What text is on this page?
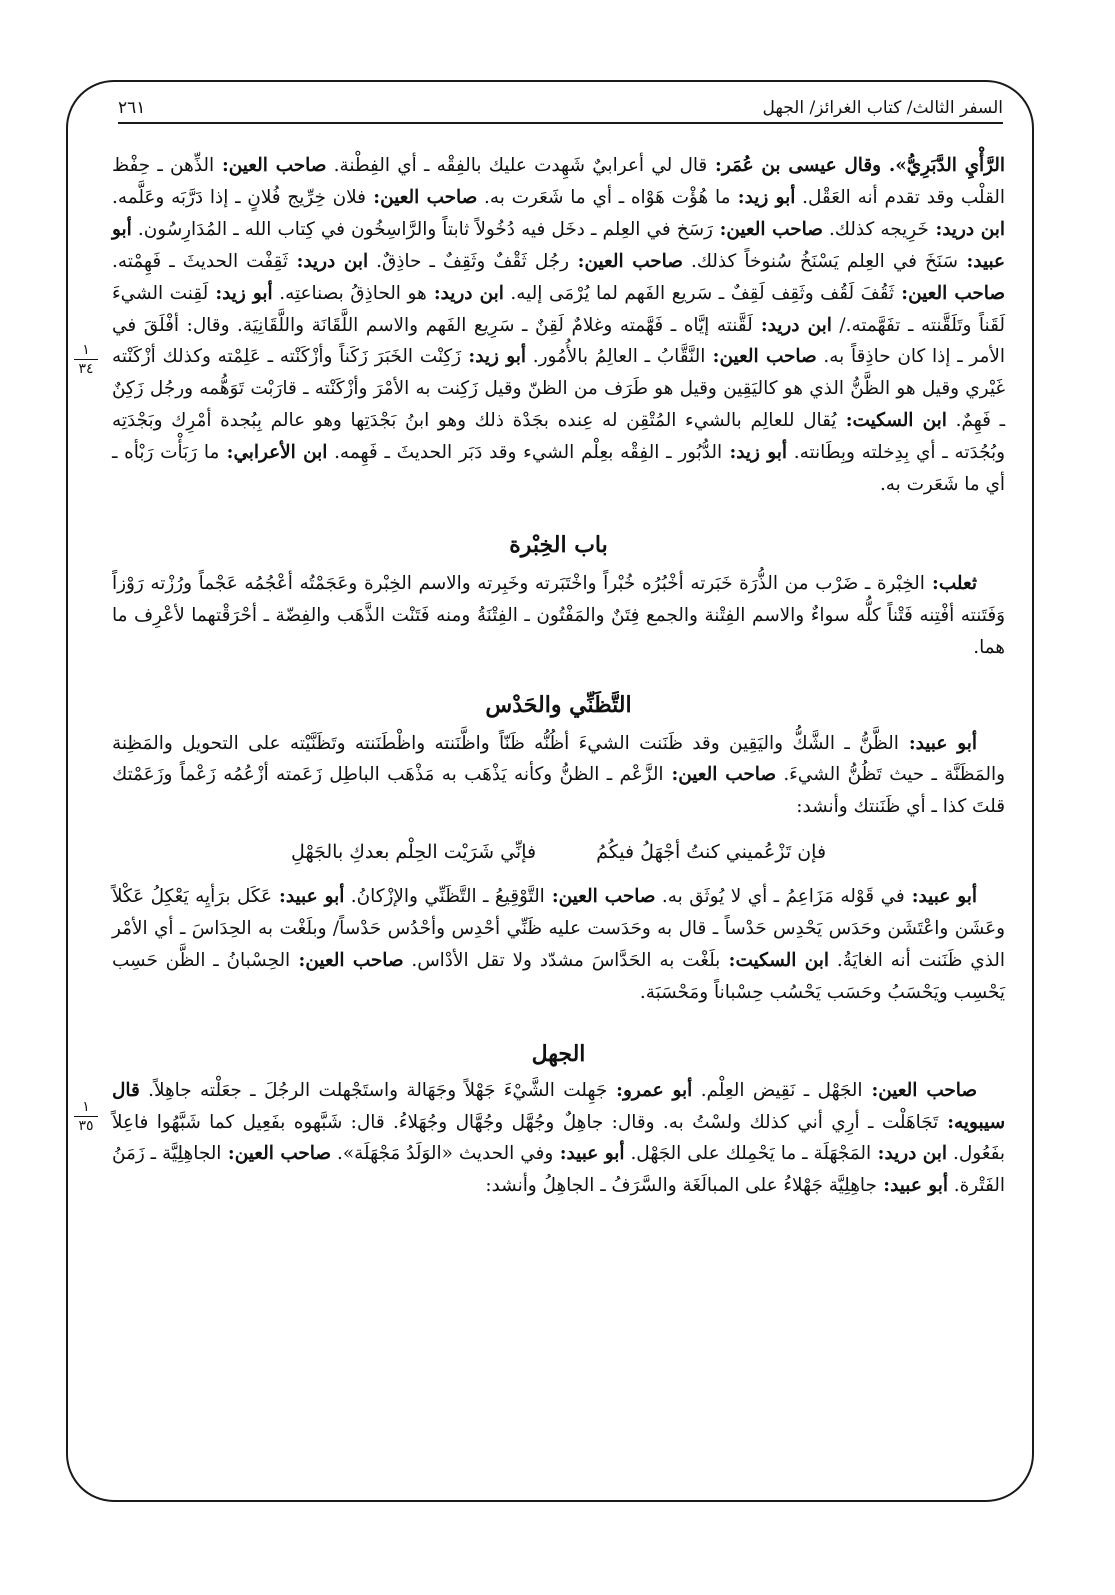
السفر الثالث/ كتاب الغرائز/ الجهل
٢٦١
١
٣٤
١
٣٥

الرَّأْيِ الدَّبَرِيُّ». وقال عيسى بن عُمَر: قال لي أعرابيٌ شَهِدت عليك بالفِقْه ـ أي الفِطْنة. صاحب العين: الذِّهن ـ حِفْظ القلْب وقد تقدم أنه العَقْل. أبو زيد: ما هُؤْت هَوْاه ـ أي ما شَعَرت به. صاحب العين: فلان خِرِّيج فُلانٍ ـ إذا دَرَّبَه وعَلَّمه. ابن دريد: خَرِيجه كذلك. صاحب العين: رَسَخ في العِلم ـ دخَل فيه دُخُولاً ثابتاً والرَّاسِخُون في كِتاب الله ـ المُدَارِسُون. أبو عبيد: سَنَخَ في العِلم يَسْنَخُ سُنوخاً كذلك. صاحب العين: رجُل ثَقْفٌ وثَقِفٌ ـ حاذِقٌ. ابن دريد: ثَقِفْت الحديثَ ـ فَهِمْته. صاحب العين: ثَقُفَ لَقُف وثَقِف لَقِفٌ ـ سَريع الفَهم لما يُرْمَى إليه. ابن دريد: هو الحاذِقُ بصناعتِه. أبو زيد: لَقِنت الشيءَ لَقَناً وتَلَقَّنته ـ تفَهَّمته./ ابن دريد: لَقَّنته إيَّاه ـ فَهَّمته وغلامٌ لَقِنٌ ـ سَرِيع الفَهم والاسم اللَّقَانَة واللَّقَانِيَة. وقال: أفْلَقَ في الأمر ـ إذا كان حاذِقاً به. صاحب العين: النَّقَّابُ ـ العالِمُ بالأُمُور. أبو زيد: زَكِنْت الخَبَرَ زَكَناً وأزْكَنْته ـ عَلِمْته وكذلك أزْكَنْته غَيْري وقيل هو الظَّنُّ الذي هو كاليَقِين وقيل هو طَرَف من الظنّ وقيل زَكِنت به الأمْرَ وأزْكَنْته ـ قارَبْت تَوَهُّمه ورجُل زَكِنٌ ـ فَهِمٌ. ابن السكيت: يُقال للعالِم بالشيء المُتْقِن له عِنده بجَدْة ذلك وهو ابنُ بَجْدَتِها وهو عالم بِبُجدة أمْرِك وبَجْدَتِه وبُجُدَته ـ أي بِدِخلته وبِطَانته. أبو زيد: الدُّبُور ـ الفِقْه بعِلْم الشيء وقد دَبَر الحديثَ ـ فَهِمه. ابن الأعرابي: ما رَبَأْت رَبْأه ـ أي ما شَعَرت به.

باب الخِبْرة

ثعلب: الخِبْرة ـ ضَرْب من الذُّرَة خَبَرته أخْبُرُه خُبْراً واخْتَبَرته وخَبِرته والاسم الخِبْرة وعَجَمْتُه أعْجُمُه عَجْماً ورُزْته رَوْزاً وَفَتَنته أفْتِنه فَتْناً كلُّه سواءٌ والاسم الفِتْنة والجمع فِتَنٌ والمَفْتُون ـ الفِتْنَةُ ومنه فَتَنْت الذَّهَب والفِضّة ـ أحْرَقْتهما لأعْرِف ما هما.

التَّظَنِّي والحَدْس

أبو عبيد: الظَّنُّ ـ الشَّكُّ واليَقِين وقد ظَنَنت الشيءَ أظُنُّه ظَنّاً واظَّنَنته واظْطَنَنته وتَظَنَّيْته على التحويل والمَظِنة والمَظَنَّة ـ حيث تَظُنُّ الشيءَ. صاحب العين: الزَّعْم ـ الظنُّ وكأنه يَذْهَب به مَذْهَب الباطِل زَعَمته أزْعُمُه زَعْماً وزَعَمْتك قلتَ كذا ـ أي ظَنَنتك وأنشد:

فإن تَزْعُميني كنتُ أجْهَلُ فيكُمُ
فإنِّي شَرَيْت الحِلْم بعدكِ بالجَهْلِ

أبو عبيد: في قَوْله مَزَاعِمُ ـ أي لا يُوثَق به. صاحب العين: التَّوْقِيعُ ـ التَّظَنِّي والإزْكانُ. أبو عبيد: عَكَل برَأيِه يَعْكِلُ عَكْلاً وعَشَن واعْتَشَن وحَدَس يَحْدِس حَدْساً ـ قال به وحَدَست عليه ظَنِّي أحْدِس وأحْدُس حَدْساً/ وبلَغْت به الحِدَاسَ ـ أي الأمْر الذي ظَنَنت أنه الغايَةُ. ابن السكيت: بلَغْت به الحَدَّاسَ مشدّد ولا تقل الأدْاس. صاحب العين: الحِسْبانُ ـ الظَّن حَسِب يَحْسِب ويَحْسَبُ وحَسَب يَحْسُب حِسْباناً ومَحْسَبَة.

الجهل

صاحب العين: الجَهْل ـ نَقِيض العِلْم. أبو عمرو: جَهِلت الشَّيْءَ جَهْلاً وجَهَالة واستَجْهلت الرجُلَ ـ جعَلْته جاهِلاً. قال سيبويه: تَجَاهَلْت ـ أرِي أني كذلك ولسْتُ به. وقال: جاهِلٌ وجُهَّل وجُهَّال وجُهَلاءُ. قال: شَبَّهوه بفَعِيل كما شَبَّهُوا فاعِلاً بفَعُول. ابن دريد: المَجْهَلَة ـ ما يَحْمِلك على الجَهْل. أبو عبيد: وفي الحديث «الوَلَدُ مَجْهَلَة». صاحب العين: الجاهِلِيَّة ـ زَمَنُ الفَتْرة. أبو عبيد: جاهِلِيَّة جَهْلاءُ على المبالَغَة والسَّرَفُ ـ الجاهِلُ وأنشد:
